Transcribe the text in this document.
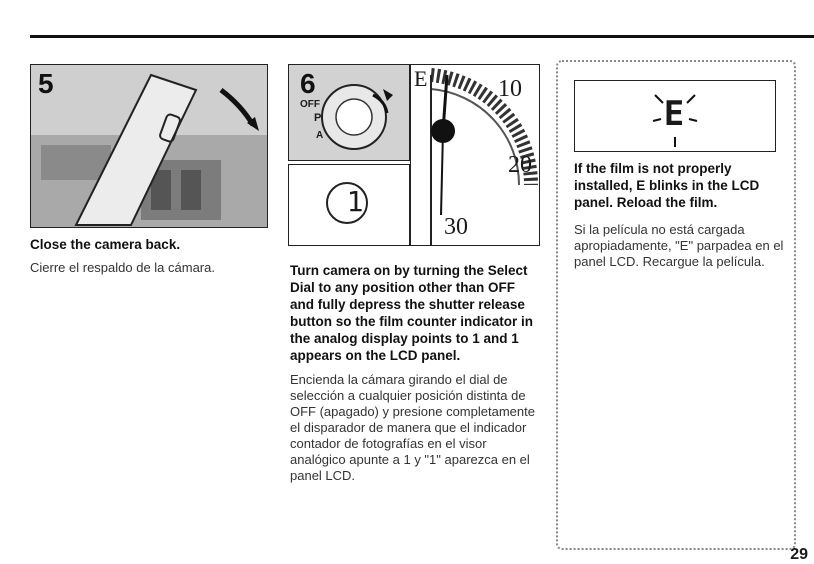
5
Close the camera back.
Cierre el respaldo de la cámara.
6
OFF
P
A
E	10
20
30
1
Turn camera on by turning the Select Dial to any position other than OFF and fully depress the shutter release button so the film counter indicator in the analog display points to 1 and 1 appears on the LCD panel.
Encienda la cámara girando el dial de selección a cualquier posición distinta de OFF (apagado) y presione completamente el disparador de manera que el indicador contador de fotografías en el visor analógico apunte a 1 y "1" aparezca en el panel LCD.
E
If the film is not properly installed, E blinks in the LCD panel. Reload the film.
Si la película no está cargada apropiadamente, "E" parpadea en el panel LCD. Recargue la película.
29
